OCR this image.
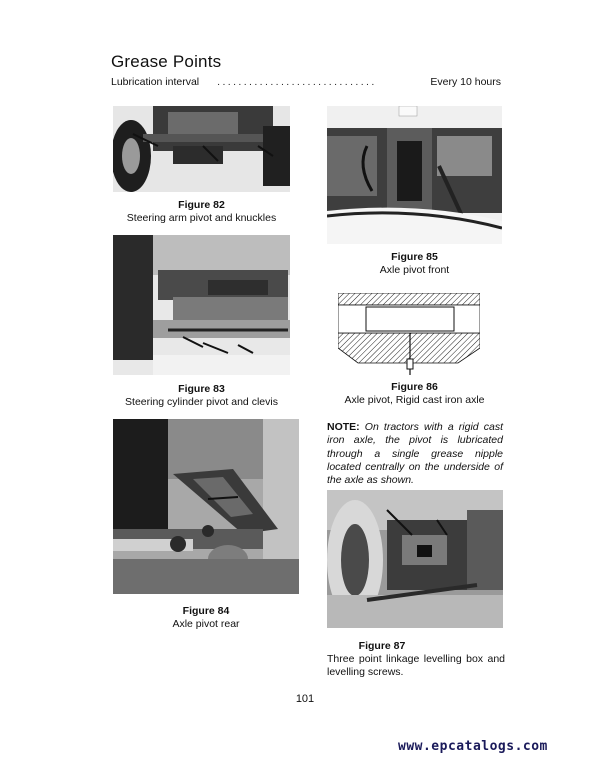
Grease Points
Lubrication interval ..............................	Every 10 hours
Figure 82
Steering arm pivot and knuckles
Figure 83
Steering cylinder pivot and clevis
Figure 84
Axle pivot rear
Figure 85
Axle pivot front
Figure 86
Axle pivot, Rigid cast iron axle
NOTE: On tractors with a rigid cast iron axle, the pivot is lubricated through a single grease nipple located centrally on the underside of the axle as shown.
Figure 87
Three point linkage levelling box and levelling screws.
101
www.epcatalogs.com
